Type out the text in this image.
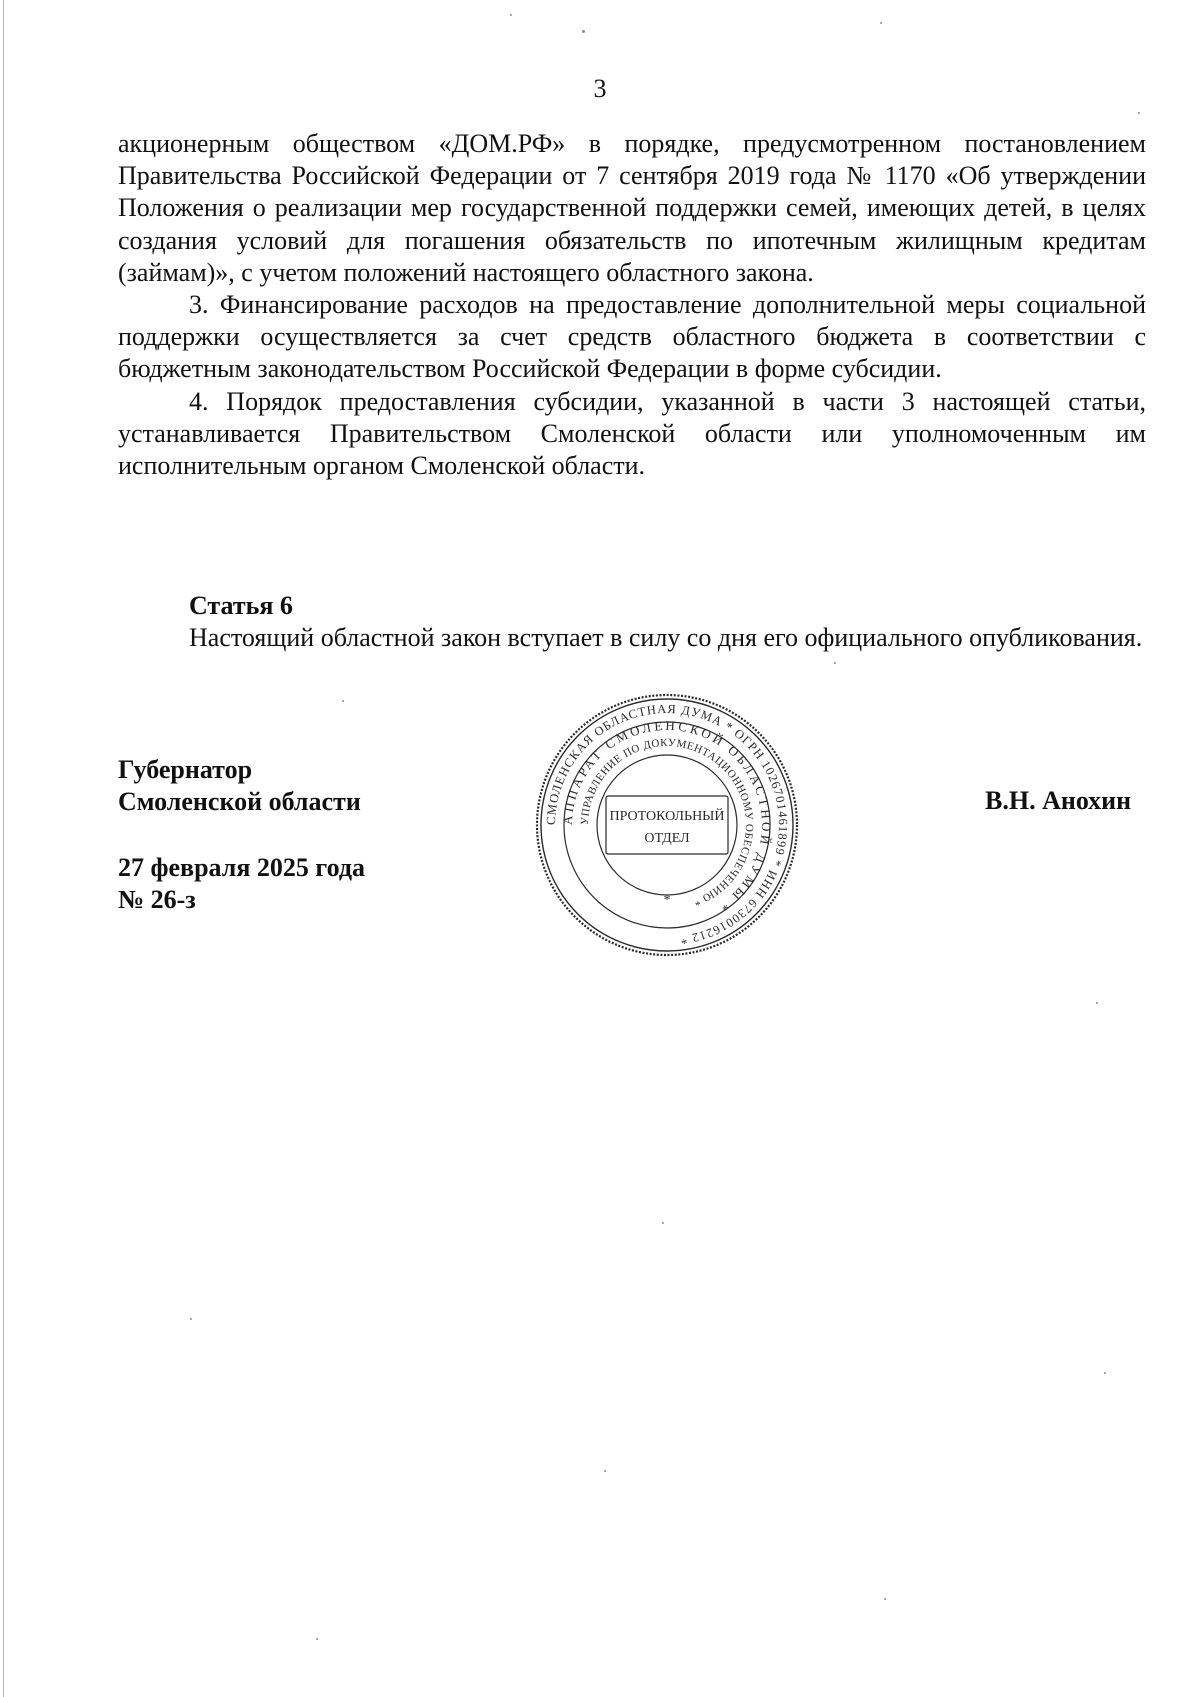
3

акционерным обществом «ДОМ.РФ» в порядке, предусмотренном постановлением Правительства Российской Федерации от 7 сентября 2019 года № 1170 «Об утверждении Положения о реализации мер государственной поддержки семей, имеющих детей, в целях создания условий для погашения обязательств по ипотечным жилищным кредитам (займам)», с учетом положений настоящего областного закона.

3. Финансирование расходов на предоставление дополнительной меры социальной поддержки осуществляется за счет средств областного бюджета в соответствии с бюджетным законодательством Российской Федерации в форме субсидии.

4. Порядок предоставления субсидии, указанной в части 3 настоящей статьи, устанавливается Правительством Смоленской области или уполномоченным им исполнительным органом Смоленской области.

Статья 6

Настоящий областной закон вступает в силу со дня его официального опубликования.

Губернатор
Смоленской области
27 февраля 2025 года
№ 26-з
В.Н. Анохин
СМОЛЕНСКАЯ ОБЛАСТНАЯ ДУМА * ОГРН 1026701461899 * ИНН 6730016212 *
АППАРАТ СМОЛЕНСКОЙ ОБЛАСТНОЙ ДУМЫ *
УПРАВЛЕНИЕ ПО ДОКУМЕНТАЦИОННОМУ ОБЕСПЕЧЕНИЮ *
ПРОТОКОЛЬНЫЙ
ОТДЕЛ
*
